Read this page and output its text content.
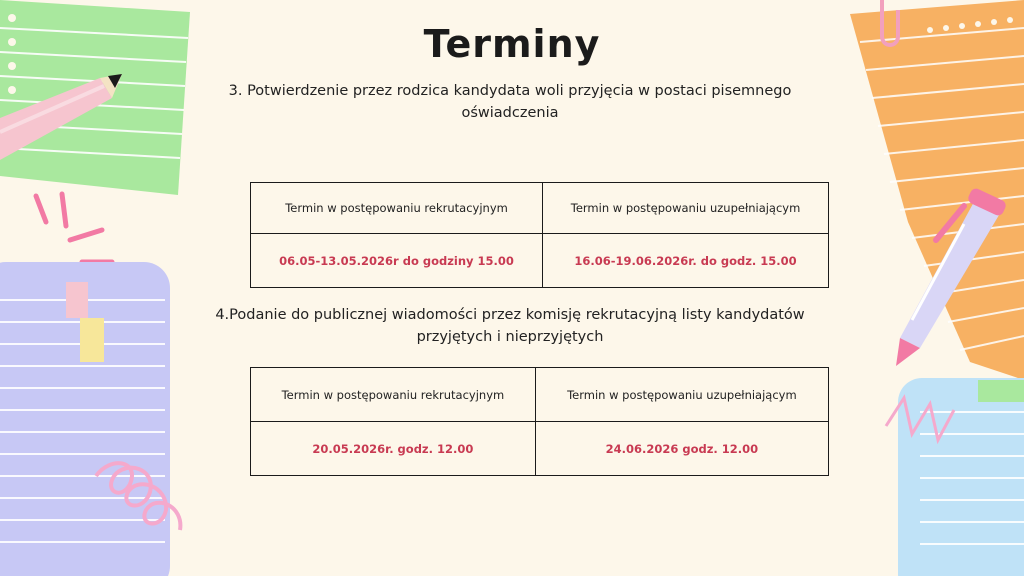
Terminy

3. Potwierdzenie przez rodzica kandydata woli przyjęcia w postaci pisemnego oświadczenia

Termin w postępowaniu rekrutacyjnym	Termin w postępowaniu uzupełniającym
06.05-13.05.2026r do godziny 15.00	16.06-19.06.2026r. do godz. 15.00

4.Podanie do publicznej wiadomości przez komisję rekrutacyjną listy kandydatów przyjętych i nieprzyjętych

Termin w postępowaniu rekrutacyjnym	Termin w postępowaniu uzupełniającym
20.05.2026r. godz. 12.00	24.06.2026 godz. 12.00
